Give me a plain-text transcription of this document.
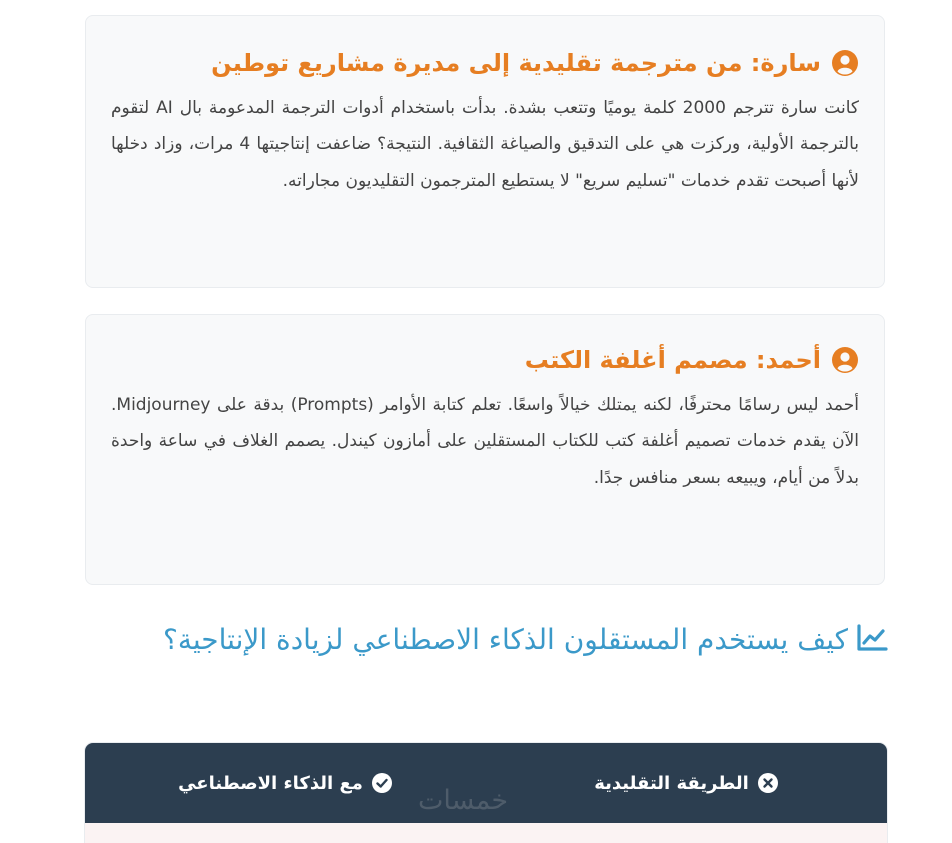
سارة: من مترجمة تقليدية إلى مديرة مشاريع توطين

كانت سارة تترجم 2000 كلمة يوميًا وتتعب بشدة. بدأت باستخدام أدوات الترجمة المدعومة بال AI لتقوم بالترجمة الأولية، وركزت هي على التدقيق والصياغة الثقافية. النتيجة؟ ضاعفت إنتاجيتها 4 مرات، وزاد دخلها لأنها أصبحت تقدم خدمات "تسليم سريع" لا يستطيع المترجمون التقليديون مجاراته.

أحمد: مصمم أغلفة الكتب

أحمد ليس رسامًا محترفًا، لكنه يمتلك خيالاً واسعًا. تعلم كتابة الأوامر (Prompts) بدقة على Midjourney. الآن يقدم خدمات تصميم أغلفة كتب للكتاب المستقلين على أمازون كيندل. يصمم الغلاف في ساعة واحدة بدلاً من أيام، ويبيعه بسعر منافس جدًا.

كيف يستخدم المستقلون الذكاء الاصطناعي لزيادة الإنتاجية؟
الطريقة التقليدية
مع الذكاء الاصطناعي
خمسات
